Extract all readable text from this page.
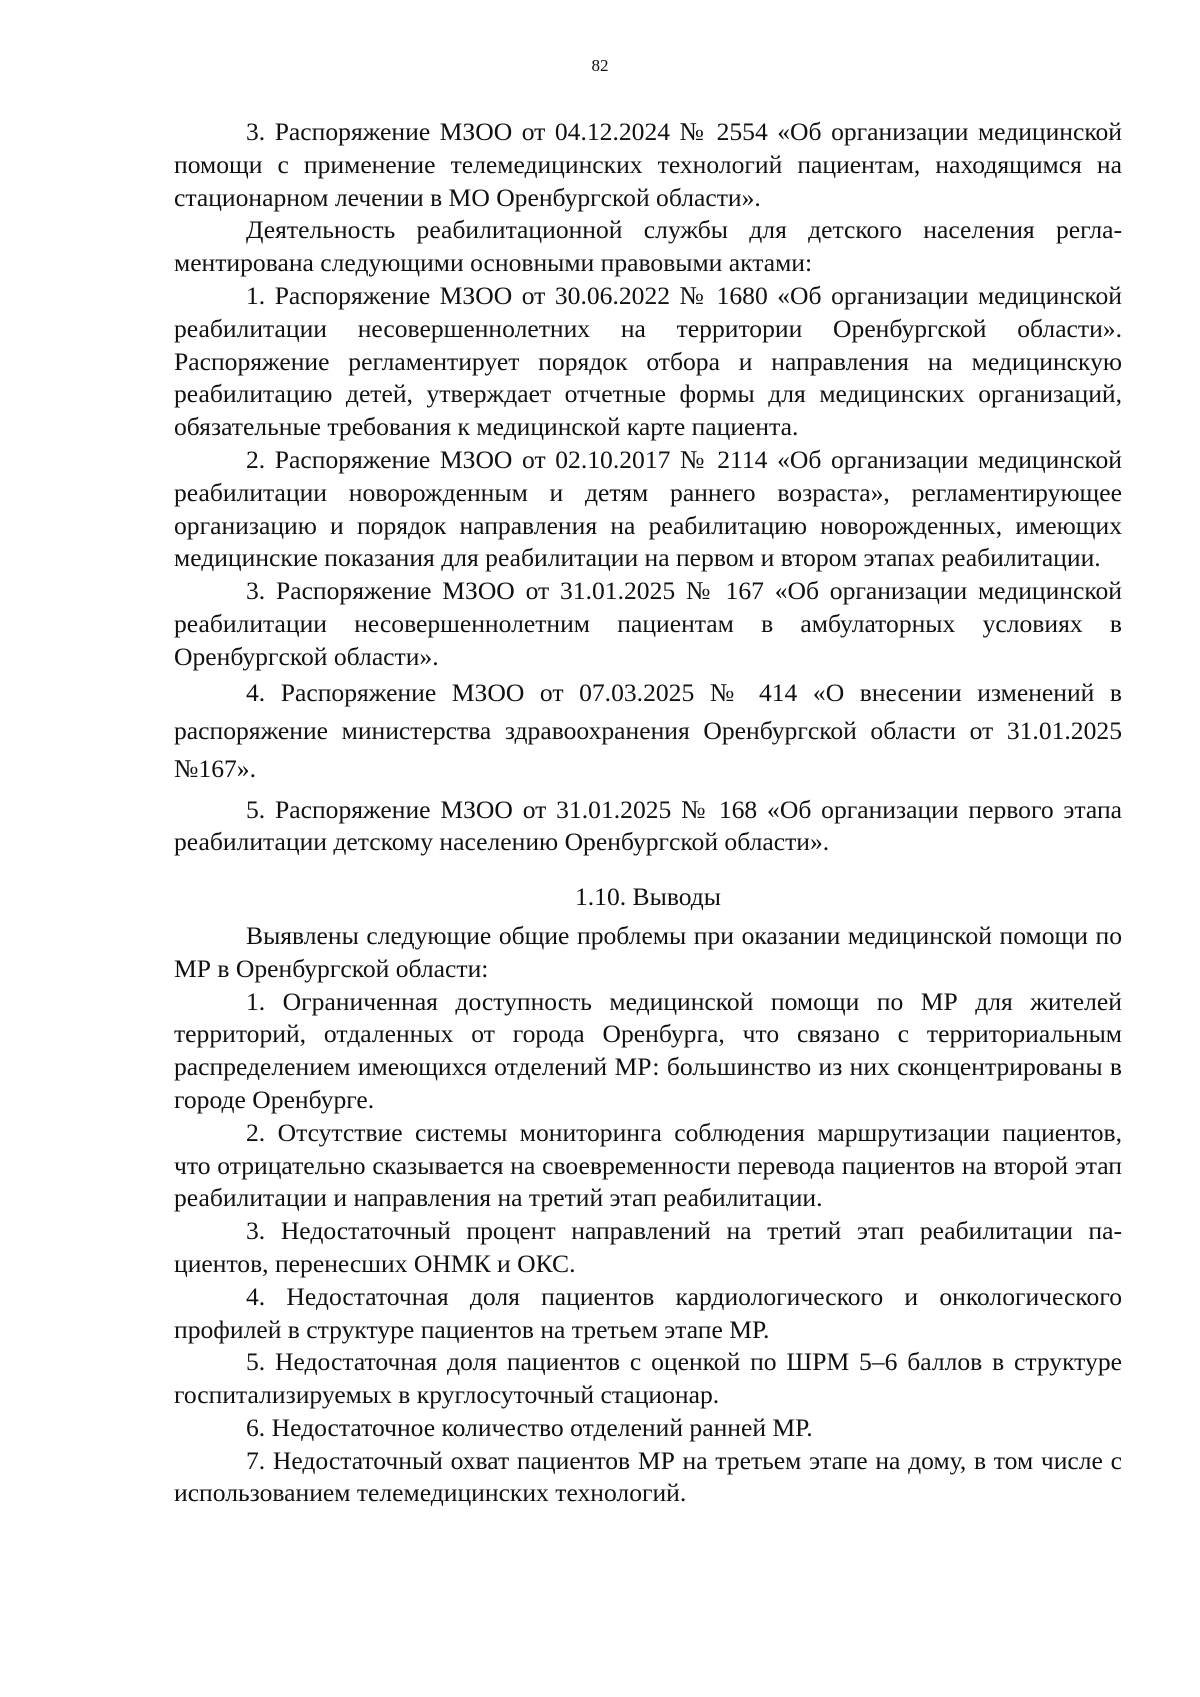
82

3. Распоряжение МЗОО от 04.12.2024 № 2554 «Об организации медицинской помощи с применение телемедицинских технологий пациентам, находящимся на стационарном лечении в МО Оренбургской области».

Деятельность реабилитационной службы для детского населения регламентирована следующими основными правовыми актами:

1. Распоряжение МЗОО от 30.06.2022 № 1680 «Об организации медицинской реабилитации несовершеннолетних на территории Оренбургской области». Распоряжение регламентирует порядок отбора и направления на медицинскую реабилитацию детей, утверждает отчетные формы для медицинских организаций, обязательные требования к медицинской карте пациента.

2. Распоряжение МЗОО от 02.10.2017 № 2114 «Об организации медицинской реабилитации новорожденным и детям раннего возраста», регламентирующее организацию и порядок направления на реабилитацию новорожденных, имеющих медицинские показания для реабилитации на первом и втором этапах реабилитации.

3. Распоряжение МЗОО от 31.01.2025 № 167 «Об организации медицинской реабилитации несовершеннолетним пациентам в амбулаторных условиях в Оренбургской области».

4. Распоряжение МЗОО от 07.03.2025 № 414 «О внесении изменений в распоряжение министерства здравоохранения Оренбургской области от 31.01.2025 №167».

5. Распоряжение МЗОО от 31.01.2025 № 168 «Об организации первого этапа реабилитации детскому населению Оренбургской области».

1.10. Выводы

Выявлены следующие общие проблемы при оказании медицинской помощи по МР в Оренбургской области:

1. Ограниченная доступность медицинской помощи по МР для жителей территорий, отдаленных от города Оренбурга, что связано с территориальным распределением имеющихся отделений МР: большинство из них сконцентрированы в городе Оренбурге.

2. Отсутствие системы мониторинга соблюдения маршрутизации пациентов, что отрицательно сказывается на своевременности перевода пациентов на второй этап реабилитации и направления на третий этап реабилитации.

3. Недостаточный процент направлений на третий этап реабилитации пациентов, перенесших ОНМК и ОКС.

4. Недостаточная доля пациентов кардиологического и онкологического профилей в структуре пациентов на третьем этапе МР.

5. Недостаточная доля пациентов с оценкой по ШРМ 5–6 баллов в структуре госпитализируемых в круглосуточный стационар.

6. Недостаточное количество отделений ранней МР.

7. Недостаточный охват пациентов МР на третьем этапе на дому, в том числе с использованием телемедицинских технологий.
